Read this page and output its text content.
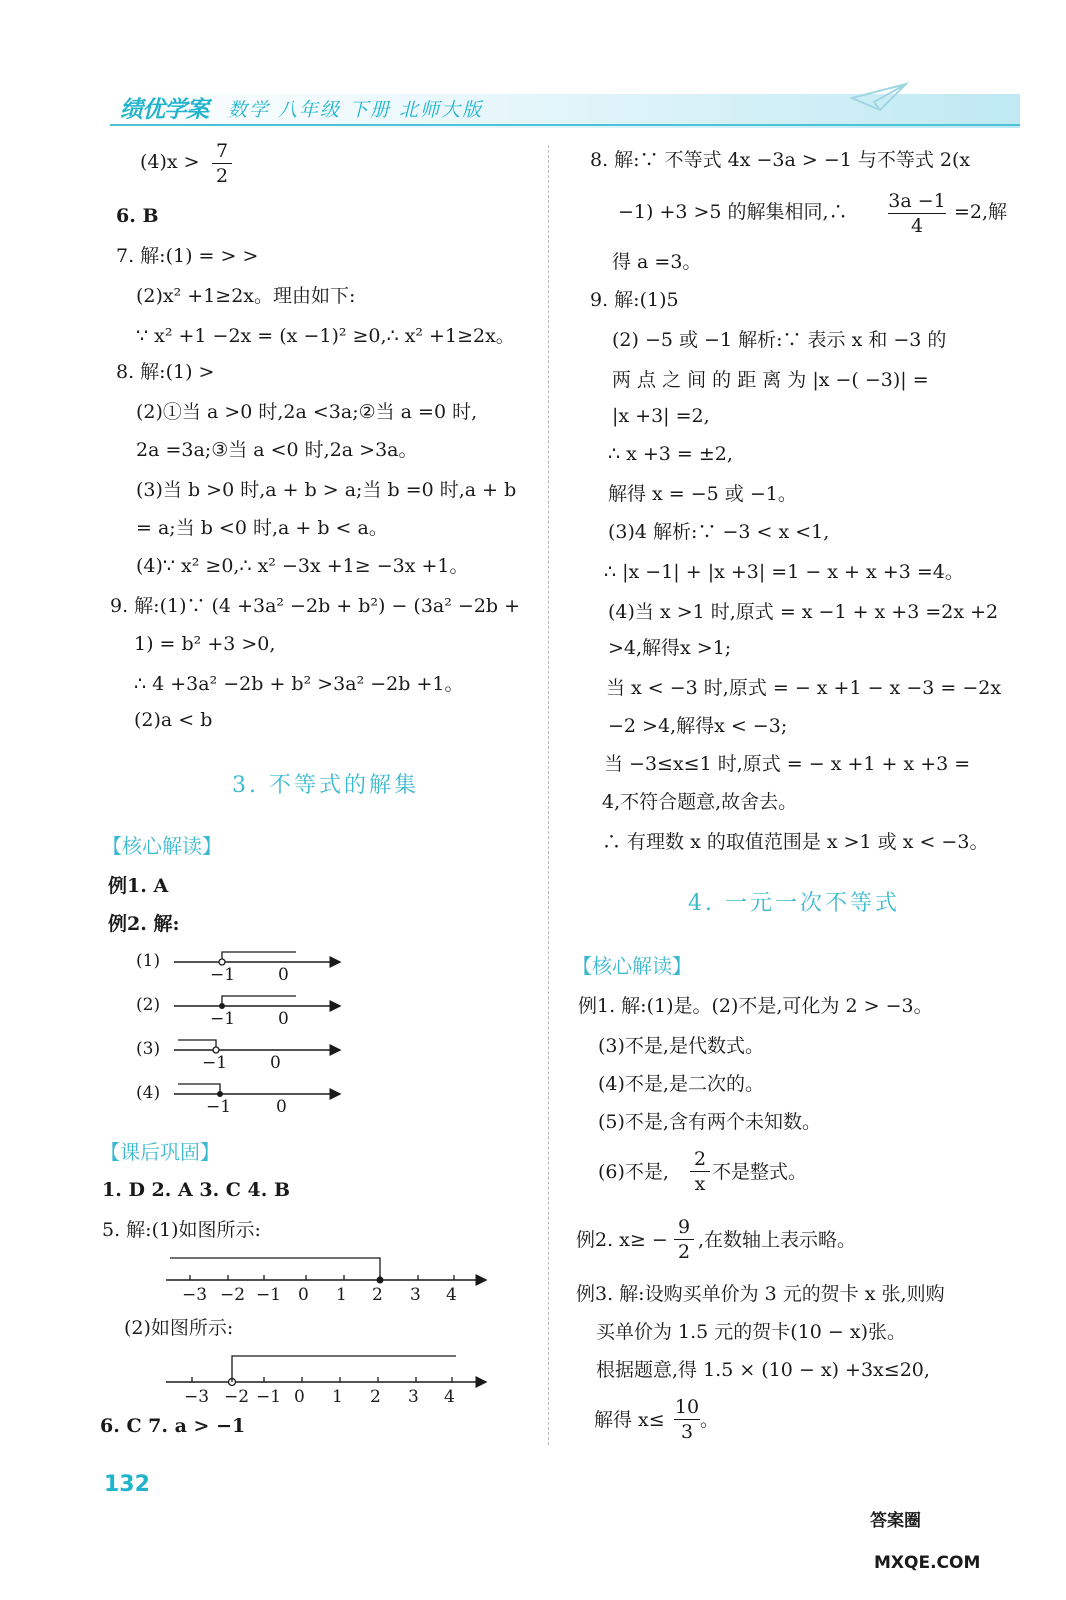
绩优学案 数学 八年级 下册 北师大版
(4)x > 7
2
6. B
7. 解:(1) = > >
(2)x² +1≥2x。理由如下:
∵ x² +1 −2x = (x −1)² ≥0,∴ x² +1≥2x。
8. 解:(1) >
(2)①当 a >0 时,2a <3a;②当 a =0 时,
2a =3a;③当 a <0 时,2a >3a。
(3)当 b >0 时,a + b > a;当 b =0 时,a + b
= a;当 b <0 时,a + b < a。
(4)∵ x² ≥0,∴ x² −3x +1≥ −3x +1。
9. 解:(1)∵ (4 +3a² −2b + b²) − (3a² −2b +
1) = b² +3 >0,
∴ 4 +3a² −2b + b² >3a² −2b +1。
(2)a < b
3. 不等式的解集
【核心解读】
例1. A
例2. 解:
(1)
−1	0
(2)
−1	0
(3)
−1	0
(4)
−1	0
【课后巩固】
1. D 2. A 3. C 4. B
5. 解:(1)如图所示:
−3 −2 −1 0 1 2 3 4
(2)如图所示:
−3 −2 −1 0 1 2 3 4
6. C 7. a > −1
8. 解:∵ 不等式 4x −3a > −1 与不等式 2(x
−1) +3 >5 的解集相同,∴ 3a −1
4
=2,解
得 a =3。
9. 解:(1)5
(2) −5 或 −1 解析:∵ 表示 x 和 −3 的
两 点 之 间 的 距 离 为 |x −( −3)| =
|x +3| =2,
∴ x +3 = ±2,
解得 x = −5 或 −1。
(3)4 解析:∵ −3 < x <1,
∴ |x −1| + |x +3| =1 − x + x +3 =4。
(4)当 x >1 时,原式 = x −1 + x +3 =2x +2
>4,解得x >1;
当 x < −3 时,原式 = − x +1 − x −3 = −2x
−2 >4,解得x < −3;
当 −3≤x≤1 时,原式 = − x +1 + x +3 =
4,不符合题意,故舍去。
∴ 有理数 x 的取值范围是 x >1 或 x < −3。
4. 一元一次不等式
【核心解读】
例1. 解:(1)是。(2)不是,可化为 2 > −3。
(3)不是,是代数式。
(4)不是,是二次的。
(5)不是,含有两个未知数。
(6)不是,
2
x
不是整式。
例2. x≥ −
9
2
,在数轴上表示略。
例3. 解:设购买单价为 3 元的贺卡 x 张,则购
买单价为 1.5 元的贺卡(10 − x)张。
根据题意,得 1.5 × (10 − x) +3x≤20,
解得 x≤
10
3
。
132
答案圈
MXQE.COM
